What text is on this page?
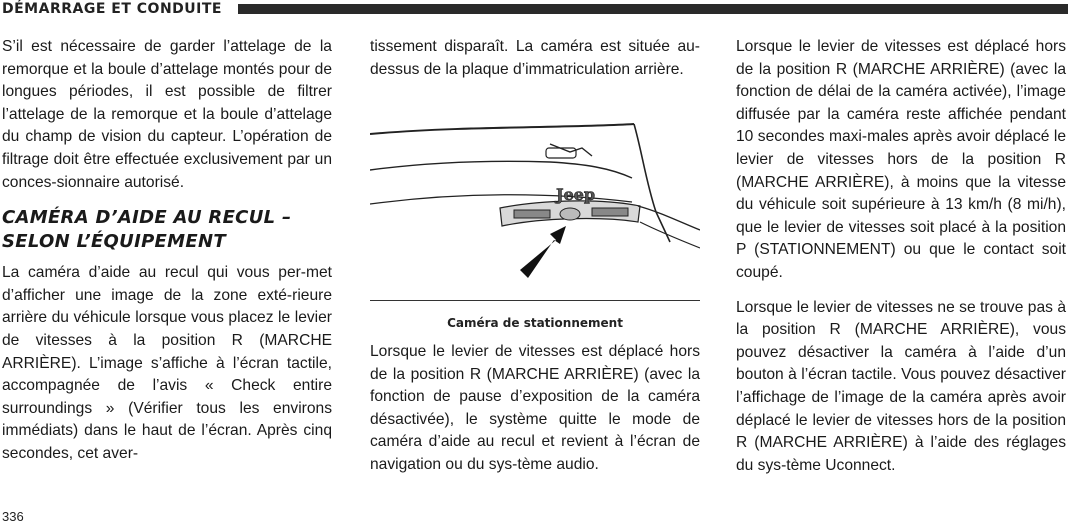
DÉMARRAGE ET CONDUITE

S’il est nécessaire de garder l’attelage de la remorque et la boule d’attelage montés pour de longues périodes, il est possible de filtrer l’attelage de la remorque et la boule d’attelage du champ de vision du capteur. L’opération de filtrage doit être effectuée exclusivement par un conces-sionnaire autorisé.

CAMÉRA D’AIDE AU RECUL – SELON L’ÉQUIPEMENT

La caméra d’aide au recul qui vous per-met d’afficher une image de la zone exté-rieure arrière du véhicule lorsque vous placez le levier de vitesses à la position R (MARCHE ARRIÈRE). L’image s’affiche à l’écran tactile, accompagnée de l’avis « Check entire surroundings » (Vérifier tous les environs immédiats) dans le haut de l’écran. Après cinq secondes, cet aver-

tissement disparaît. La caméra est située au-dessus de la plaque d’immatriculation arrière.

Jeep
Caméra de stationnement

Lorsque le levier de vitesses est déplacé hors de la position R (MARCHE ARRIÈRE) (avec la fonction de pause d’exposition de la caméra désactivée), le système quitte le mode de caméra d’aide au recul et revient à l’écran de navigation ou du sys-tème audio.

Lorsque le levier de vitesses est déplacé hors de la position R (MARCHE ARRIÈRE) (avec la fonction de délai de la caméra activée), l’image diffusée par la caméra reste affichée pendant 10 secondes maxi-males après avoir déplacé le levier de vitesses hors de la position R (MARCHE ARRIÈRE), à moins que la vitesse du véhicule soit supérieure à 13 km/h (8 mi/h), que le levier de vitesses soit placé à la position P (STATIONNEMENT) ou que le contact soit coupé.

Lorsque le levier de vitesses ne se trouve pas à la position R (MARCHE ARRIÈRE), vous pouvez désactiver la caméra à l’aide d’un bouton à l’écran tactile. Vous pouvez désactiver l’affichage de l’image de la caméra après avoir déplacé le levier de vitesses hors de la position R (MARCHE ARRIÈRE) à l’aide des réglages du sys-tème Uconnect.

336
